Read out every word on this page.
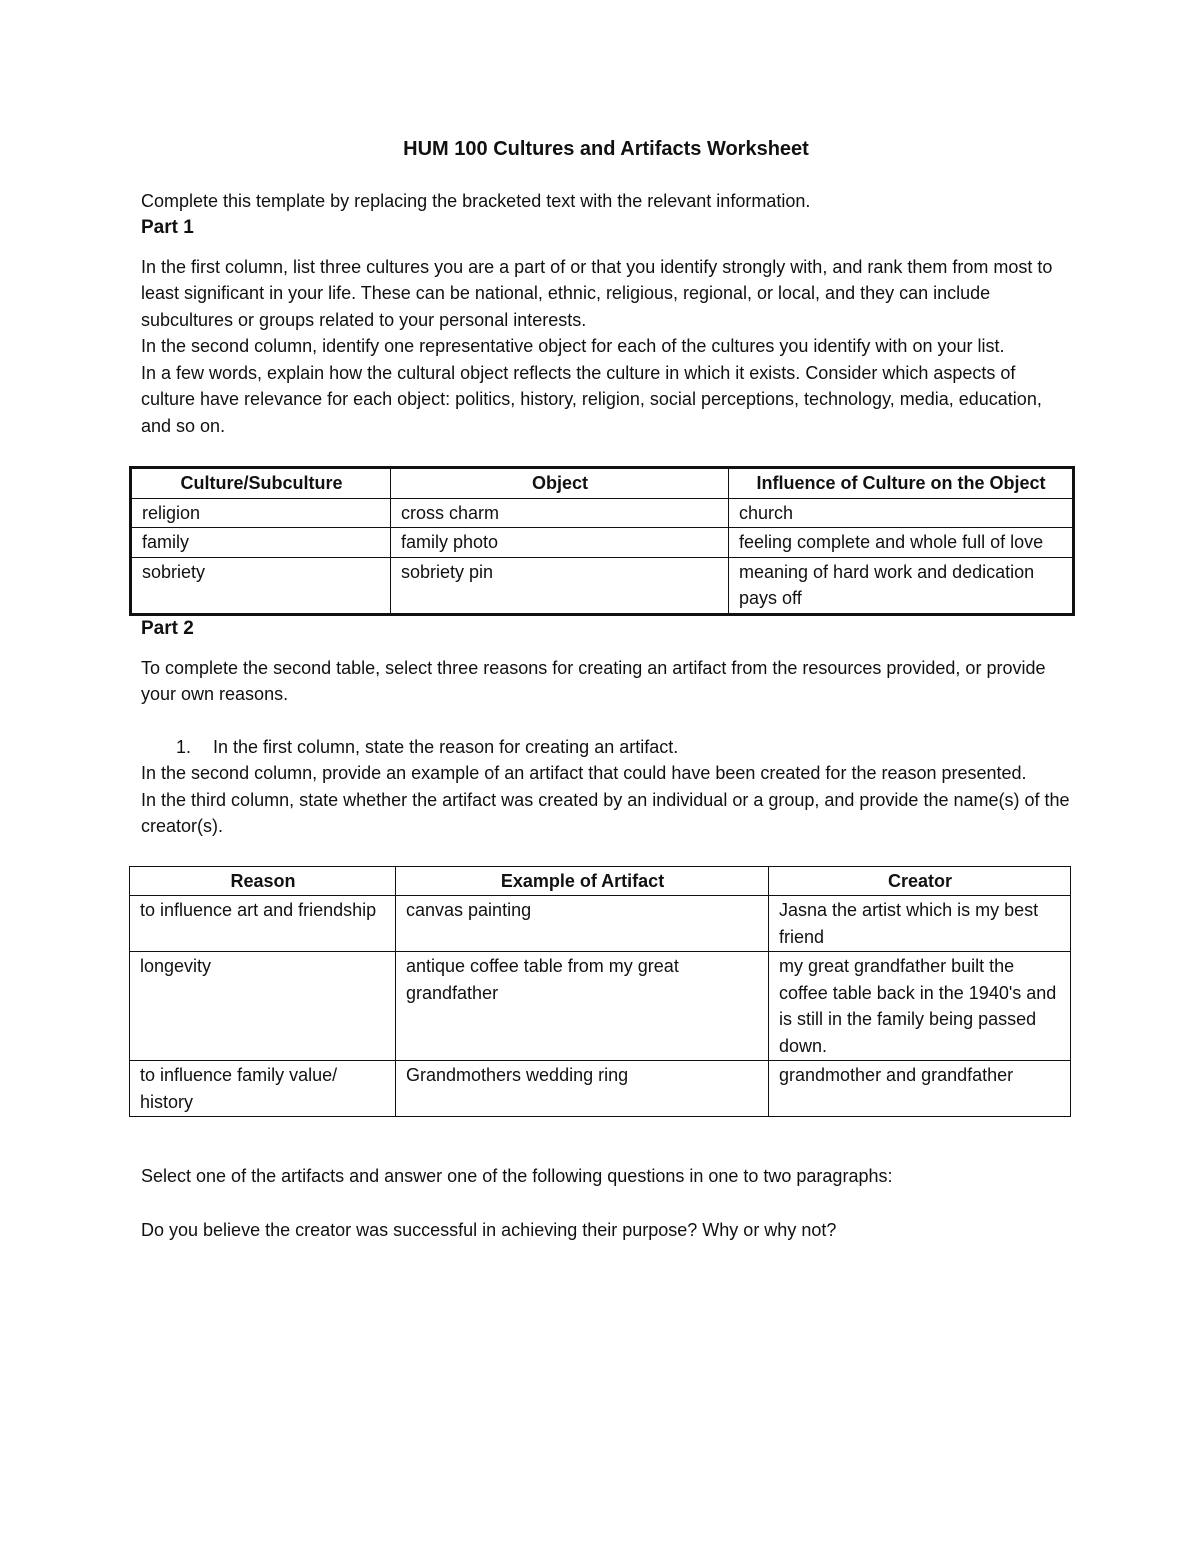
HUM 100 Cultures and Artifacts Worksheet

Complete this template by replacing the bracketed text with the relevant information.

Part 1

In the first column, list three cultures you are a part of or that you identify strongly with, and rank them from most to least significant in your life. These can be national, ethnic, religious, regional, or local, and they can include subcultures or groups related to your personal interests.

In the second column, identify one representative object for each of the cultures you identify with on your list.

In a few words, explain how the cultural object reflects the culture in which it exists. Consider which aspects of culture have relevance for each object: politics, history, religion, social perceptions, technology, media, education, and so on.

Culture/Subculture	Object	Influence of Culture on the Object
religion	cross charm	church
family	family photo	feeling complete and whole full of love
sobriety	sobriety pin	meaning of hard work and dedication pays off
Part 2

To complete the second table, select three reasons for creating an artifact from the resources provided, or provide your own reasons.

1. In the first column, state the reason for creating an artifact.

In the second column, provide an example of an artifact that could have been created for the reason presented.

In the third column, state whether the artifact was created by an individual or a group, and provide the name(s) of the creator(s).

Reason	Example of Artifact	Creator
to influence art and friendship	canvas painting	Jasna the artist which is my best friend
longevity	antique coffee table from my great grandfather	my great grandfather built the coffee table back in the 1940's and is still in the family being passed down.
to influence family value/ history	Grandmothers wedding ring	grandmother and grandfather

Select one of the artifacts and answer one of the following questions in one to two paragraphs:

Do you believe the creator was successful in achieving their purpose? Why or why not?
